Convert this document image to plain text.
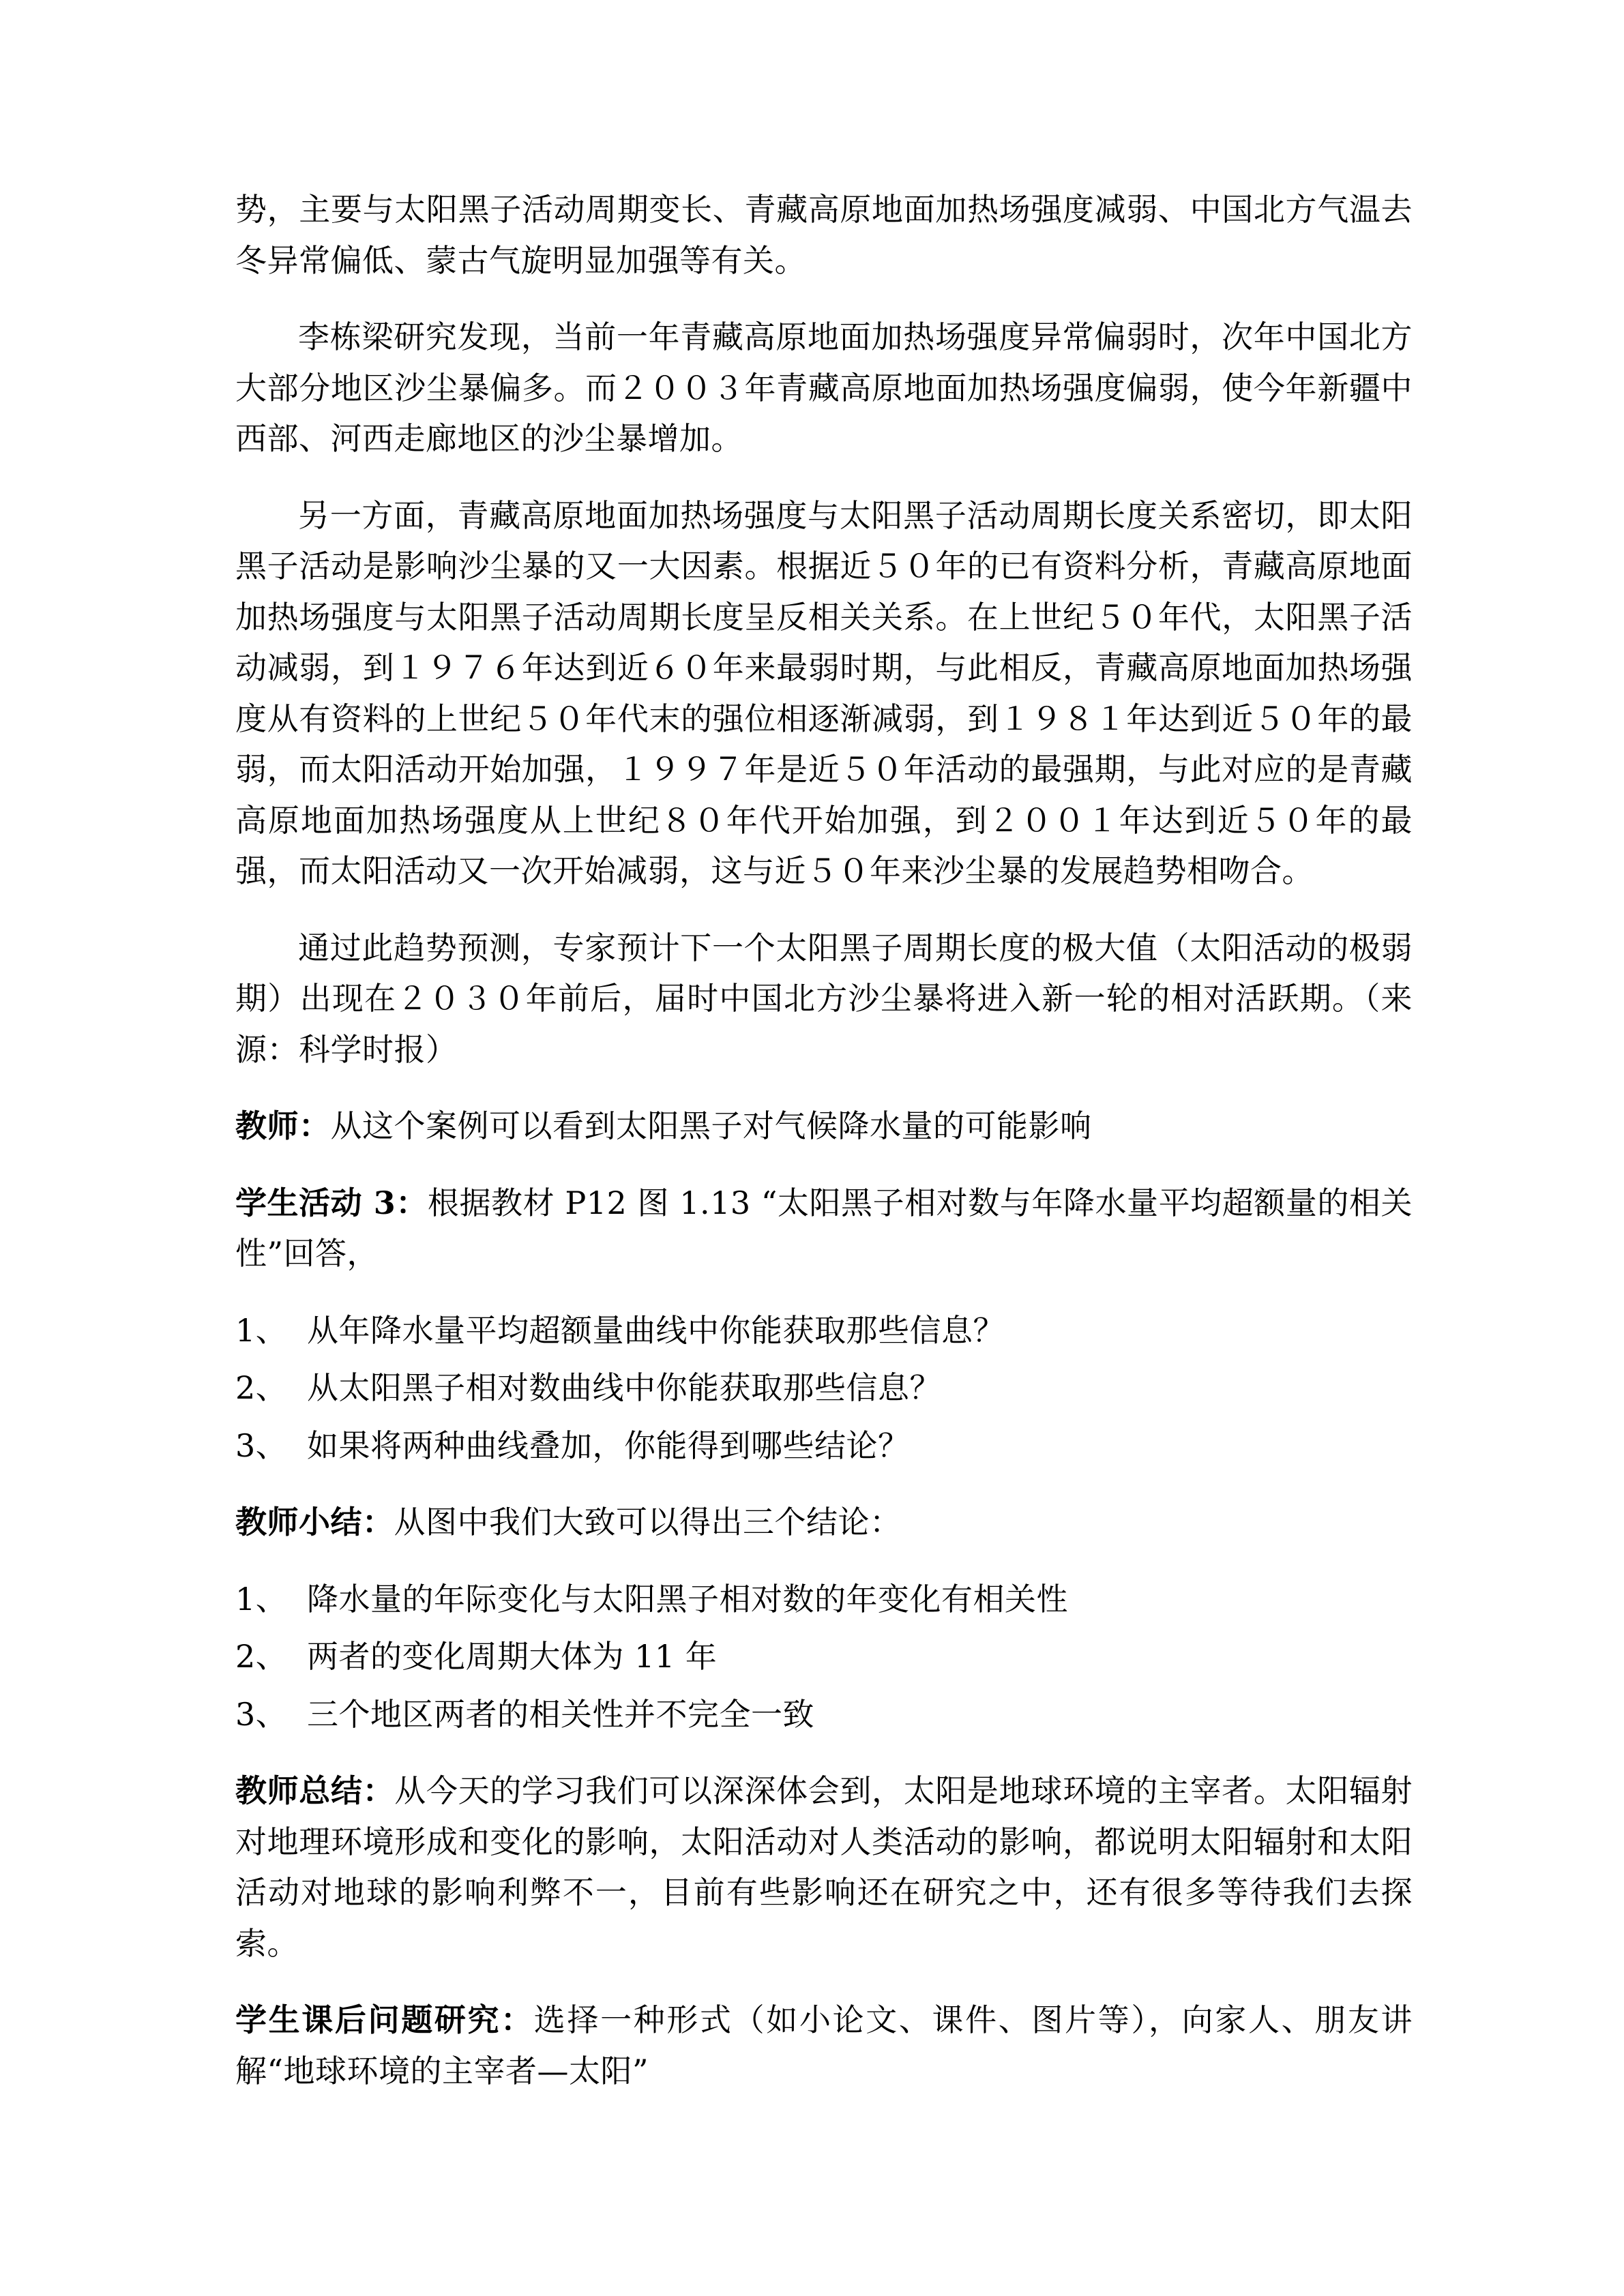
势，主要与太阳黑子活动周期变长、青藏高原地面加热场强度减弱、中国北方气温去冬异常偏低、蒙古气旋明显加强等有关。

李栋梁研究发现，当前一年青藏高原地面加热场强度异常偏弱时，次年中国北方大部分地区沙尘暴偏多。而２００３年青藏高原地面加热场强度偏弱，使今年新疆中西部、河西走廊地区的沙尘暴增加。

另一方面，青藏高原地面加热场强度与太阳黑子活动周期长度关系密切，即太阳黑子活动是影响沙尘暴的又一大因素。根据近５０年的已有资料分析，青藏高原地面加热场强度与太阳黑子活动周期长度呈反相关关系。在上世纪５０年代，太阳黑子活动减弱，到１９７６年达到近６０年来最弱时期，与此相反，青藏高原地面加热场强度从有资料的上世纪５０年代末的强位相逐渐减弱，到１９８１年达到近５０年的最弱，而太阳活动开始加强，１９９７年是近５０年活动的最强期，与此对应的是青藏高原地面加热场强度从上世纪８０年代开始加强，到２００１年达到近５０年的最强，而太阳活动又一次开始减弱，这与近５０年来沙尘暴的发展趋势相吻合。

通过此趋势预测，专家预计下一个太阳黑子周期长度的极大值（太阳活动的极弱期）出现在２０３０年前后，届时中国北方沙尘暴将进入新一轮的相对活跃期。（来源：科学时报）

教师：从这个案例可以看到太阳黑子对气候降水量的可能影响

学生活动 3：根据教材 P12 图 1.13 “太阳黑子相对数与年降水量平均超额量的相关性”回答，

1、 从年降水量平均超额量曲线中你能获取那些信息？
2、 从太阳黑子相对数曲线中你能获取那些信息？
3、 如果将两种曲线叠加，你能得到哪些结论？

教师小结：从图中我们大致可以得出三个结论：

1、 降水量的年际变化与太阳黑子相对数的年变化有相关性
2、 两者的变化周期大体为 11 年
3、 三个地区两者的相关性并不完全一致

教师总结：从今天的学习我们可以深深体会到，太阳是地球环境的主宰者。太阳辐射对地理环境形成和变化的影响，太阳活动对人类活动的影响，都说明太阳辐射和太阳活动对地球的影响利弊不一，目前有些影响还在研究之中，还有很多等待我们去探索。

学生课后问题研究：选择一种形式（如小论文、课件、图片等），向家人、朋友讲解“地球环境的主宰者—太阳”
